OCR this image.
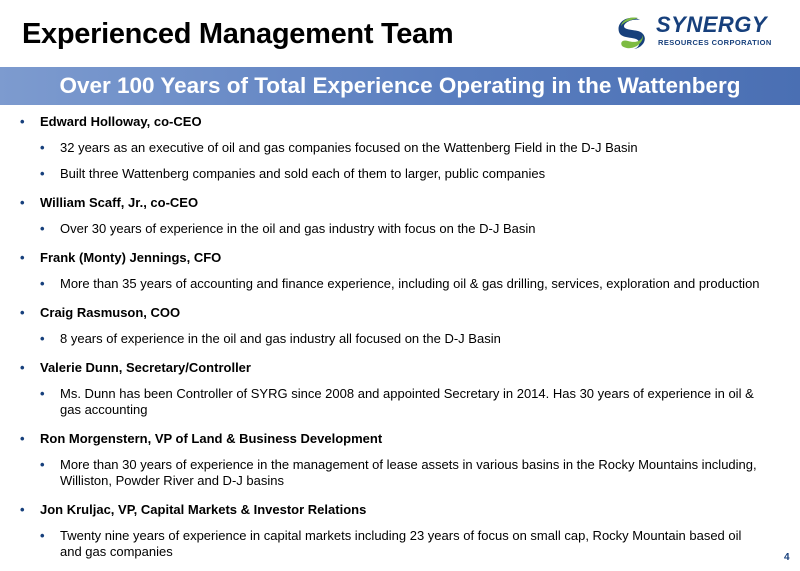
Experienced Management Team	SYNERGY
RESOURCES CORPORATION
Over 100 Years of Total Experience Operating in the Wattenberg
• Edward Holloway, co-CEO
• 32 years as an executive of oil and gas companies focused on the Wattenberg Field in the D-J Basin
• Built three Wattenberg companies and sold each of them to larger, public companies
• William Scaff, Jr., co-CEO
• Over 30 years of experience in the oil and gas industry with focus on the D-J Basin
• Frank (Monty) Jennings, CFO
• More than 35 years of accounting and finance experience, including oil & gas drilling, services, exploration and production
• Craig Rasmuson, COO
• 8 years of experience in the oil and gas industry all focused on the D-J Basin
• Valerie Dunn, Secretary/Controller
• Ms. Dunn has been Controller of SYRG since 2008 and appointed Secretary in 2014. Has 30 years of experience in oil & gas accounting
• Ron Morgenstern, VP of Land & Business Development
• More than 30 years of experience in the management of lease assets in various basins in the Rocky Mountains including, Williston, Powder River and D-J basins
• Jon Kruljac, VP, Capital Markets & Investor Relations
• Twenty nine years of experience in capital markets including 23 years of focus on small cap, Rocky Mountain based oil and gas companies	4
